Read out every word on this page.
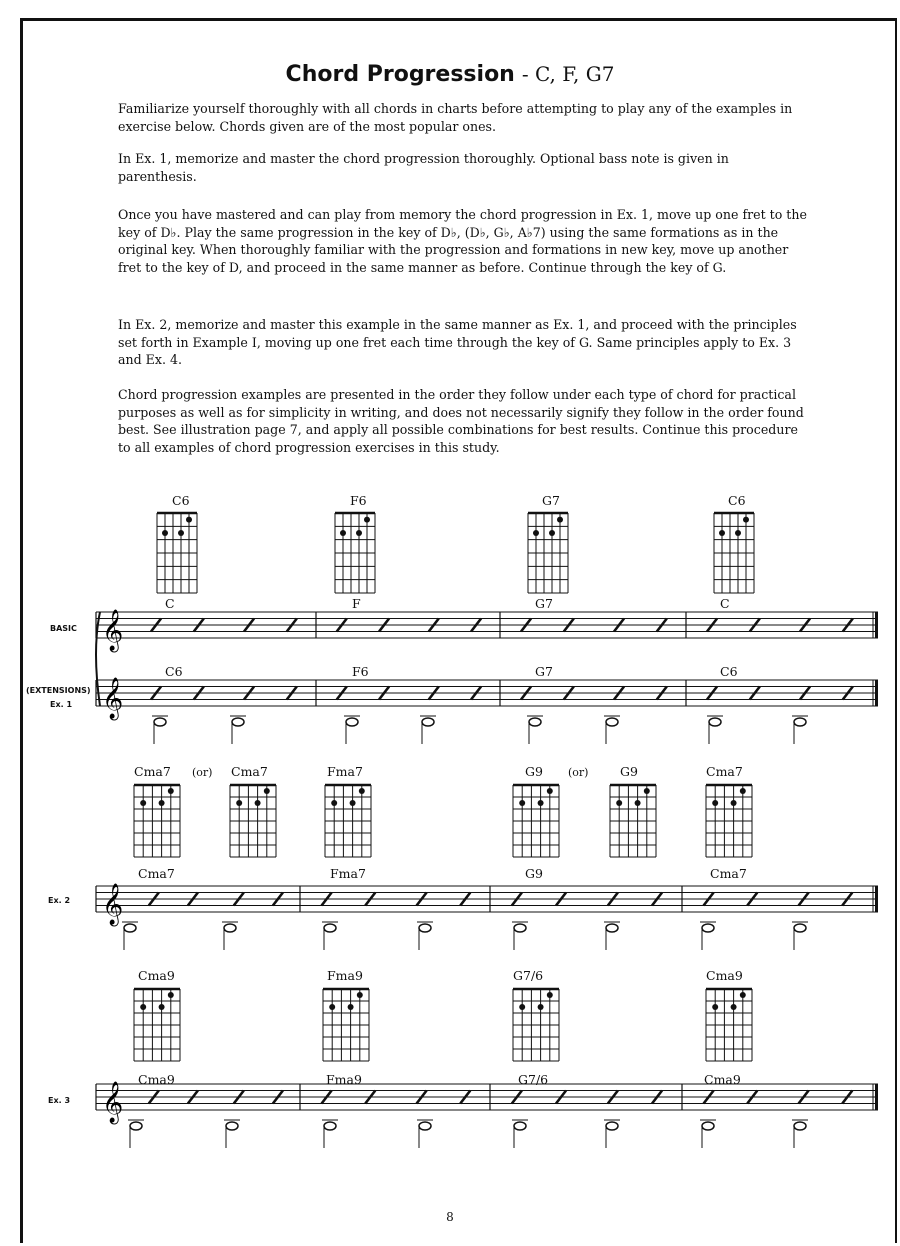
Chord Progression - C, F, G7

Familiarize yourself thoroughly with all chords in charts before attempting to play any of the examples in exercise below. Chords given are of the most popular ones.

In Ex. 1, memorize and master the chord progression thoroughly. Optional bass note is given in parenthesis.

Once you have mastered and can play from memory the chord progression in Ex. 1, move up one fret to the key of D♭. Play the same progression in the key of D♭, (D♭, G♭, A♭7) using the same formations as in the original key. When thoroughly familiar with the progression and formations in new key, move up another fret to the key of D, and proceed in the same manner as before. Continue through the key of G.

In Ex. 2, memorize and master this example in the same manner as Ex. 1, and proceed with the principles set forth in Example I, moving up one fret each time through the key of G. Same principles apply to Ex. 3 and Ex. 4.

Chord progression examples are presented in the order they follow under each type of chord for practical purposes as well as for simplicity in writing, and does not necessarily signify they follow in the order found best. See illustration page 7, and apply all possible combinations for best results. Continue this procedure to all examples of chord progression exercises in this study.

C6	F6	G7	C6
BASIC
C	F	G7	C
(EXTENSIONS)
Ex. 1
C6	F6	G7	C6
Cma7 (or) Cma7	Fma7	G9 (or)	G9	Cma7
Ex. 2
Cma7	Fma7	G9	Cma7
Cma9	Fma9	G7/6	Cma9
Ex. 3
Cma9	Fma9	G7/6	Cma9
𝄞
𝄞
𝄞
𝄞
8
